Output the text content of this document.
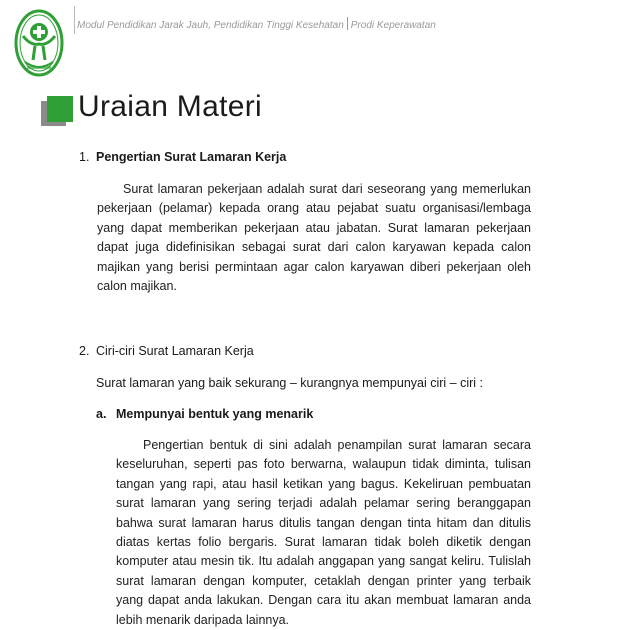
Modul Pendidikan Jarak Jauh, Pendidikan Tinggi Kesehatan Prodi Keperawatan
Uraian Materi
1. Pengertian Surat Lamaran Kerja
Surat lamaran pekerjaan adalah surat dari seseorang yang memerlukan pekerjaan (pelamar) kepada orang atau pejabat suatu organisasi/lembaga yang dapat memberikan pekerjaan atau jabatan. Surat lamaran pekerjaan dapat juga didefinisikan sebagai surat dari calon karyawan kepada calon majikan yang berisi permintaan agar calon karyawan diberi pekerjaan oleh calon majikan.
2. Ciri-ciri Surat Lamaran Kerja
Surat lamaran yang baik sekurang – kurangnya mempunyai ciri – ciri :
a. Mempunyai bentuk yang menarik
Pengertian bentuk di sini adalah penampilan surat lamaran secara keseluruhan, seperti pas foto berwarna, walaupun tidak diminta, tulisan tangan yang rapi, atau hasil ketikan yang bagus. Kekeliruan pembuatan surat lamaran yang sering terjadi adalah pelamar sering beranggapan bahwa surat lamaran harus ditulis tangan dengan tinta hitam dan ditulis diatas kertas folio bergaris. Surat lamaran tidak boleh diketik dengan komputer atau mesin tik. Itu adalah anggapan yang sangat keliru. Tulislah surat lamaran dengan komputer, cetaklah dengan printer yang terbaik yang dapat anda lakukan. Dengan cara itu akan membuat lamaran anda lebih menarik daripada lainnya.
